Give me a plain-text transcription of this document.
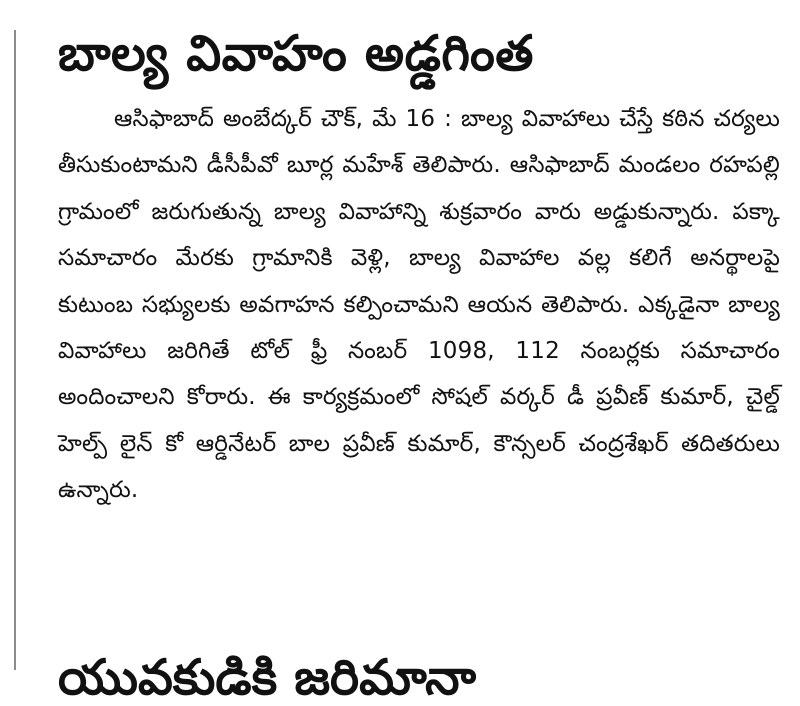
బాల్య వివాహం అడ్డగింత

ఆసిఫాబాద్ అంబేద్కర్ చౌక్, మే 16 : బాల్య వివాహాలు చేస్తే కఠిన చర్యలు తీసుకుంటామని డీసీపీవో బూర్ల మహేశ్ తెలిపారు. ఆసిఫాబాద్ మండలం రహపల్లి గ్రామంలో జరుగుతున్న బాల్య వివాహాన్ని శుక్రవారం వారు అడ్డుకున్నారు. పక్కా సమాచారం మేరకు గ్రామానికి వెళ్లి, బాల్య వివాహాల వల్ల కలిగే అనర్థాలపై కుటుంబ సభ్యులకు అవగాహన కల్పించామని ఆయన తెలిపారు. ఎక్కడైనా బాల్య వివాహాలు జరిగితే టోల్ ఫ్రీ నంబర్ 1098, 112 నంబర్లకు సమాచారం అందించాలని కోరారు. ఈ కార్యక్రమంలో సోషల్ వర్కర్ డీ ప్రవీణ్ కుమార్, చైల్డ్ హెల్ప్ లైన్ కో ఆర్డినేటర్ బాల ప్రవీణ్ కుమార్, కౌన్సలర్ చంద్రశేఖర్ తదితరులు ఉన్నారు.

యువకుడికి జరిమానా
